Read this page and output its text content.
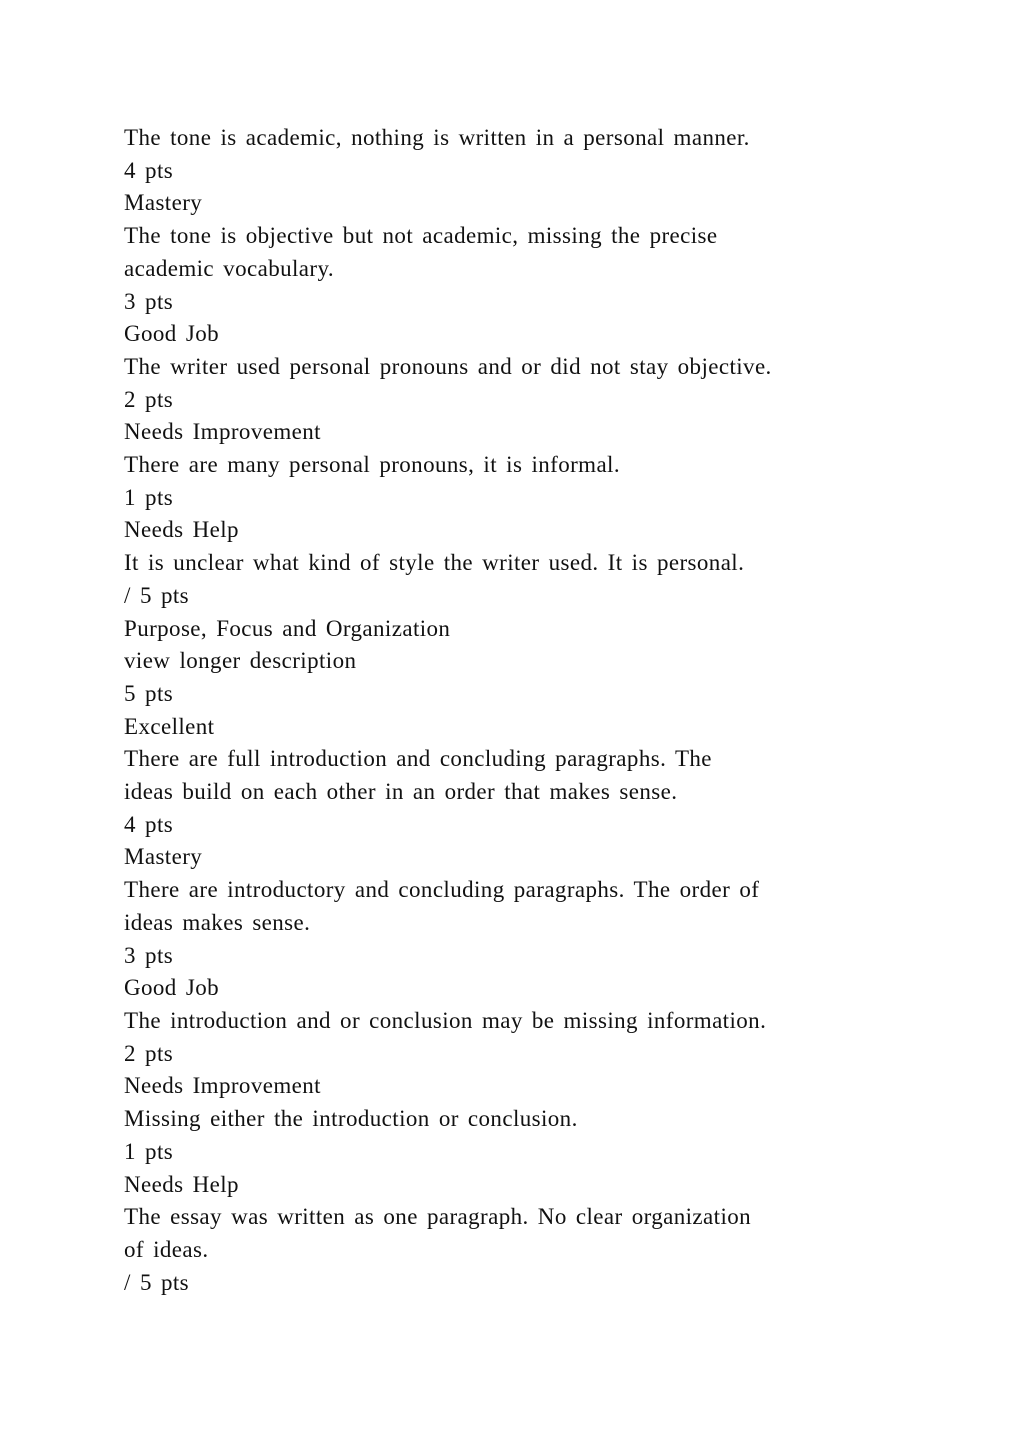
The tone is academic, nothing is written in a personal manner.
4 pts
Mastery
The tone is objective but not academic, missing the precise
academic vocabulary.
3 pts
Good Job
The writer used personal pronouns and or did not stay objective.
2 pts
Needs Improvement
There are many personal pronouns, it is informal.
1 pts
Needs Help
It is unclear what kind of style the writer used. It is personal.
/ 5 pts
Purpose, Focus and Organization
view longer description
5 pts
Excellent
There are full introduction and concluding paragraphs. The
ideas build on each other in an order that makes sense.
4 pts
Mastery
There are introductory and concluding paragraphs. The order of
ideas makes sense.
3 pts
Good Job
The introduction and or conclusion may be missing information.
2 pts
Needs Improvement
Missing either the introduction or conclusion.
1 pts
Needs Help
The essay was written as one paragraph. No clear organization
of ideas.
/ 5 pts
